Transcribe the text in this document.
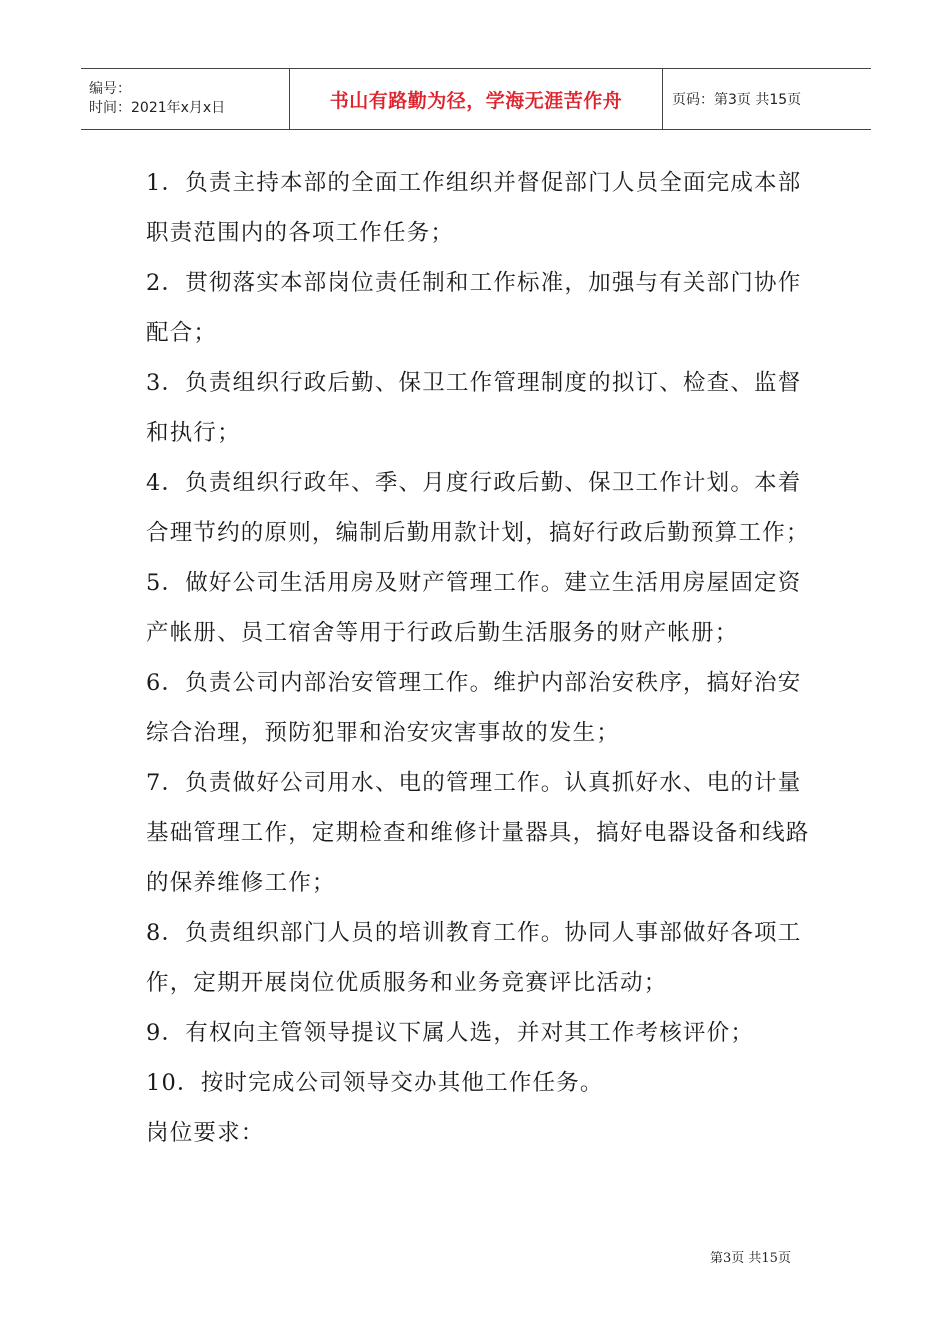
编号：
时间：2021年x月x日	书山有路勤为径，学海无涯苦作舟	页码：第3页 共15页

1．负责主持本部的全面工作组织并督促部门人员全面完成本部职责范围内的各项工作任务；

2．贯彻落实本部岗位责任制和工作标准，加强与有关部门协作配合；

3．负责组织行政后勤、保卫工作管理制度的拟订、检查、监督和执行；

4．负责组织行政年、季、月度行政后勤、保卫工作计划。本着合理节约的原则，编制后勤用款计划，搞好行政后勤预算工作；

5．做好公司生活用房及财产管理工作。建立生活用房屋固定资产帐册、员工宿舍等用于行政后勤生活服务的财产帐册；

6．负责公司内部治安管理工作。维护内部治安秩序，搞好治安综合治理，预防犯罪和治安灾害事故的发生；

7．负责做好公司用水、电的管理工作。认真抓好水、电的计量基础管理工作，定期检查和维修计量器具，搞好电器设备和线路的保养维修工作；

8．负责组织部门人员的培训教育工作。协同人事部做好各项工作，定期开展岗位优质服务和业务竞赛评比活动；

9．有权向主管领导提议下属人选，并对其工作考核评价；

10．按时完成公司领导交办其他工作任务。

岗位要求：

第3页 共15页
